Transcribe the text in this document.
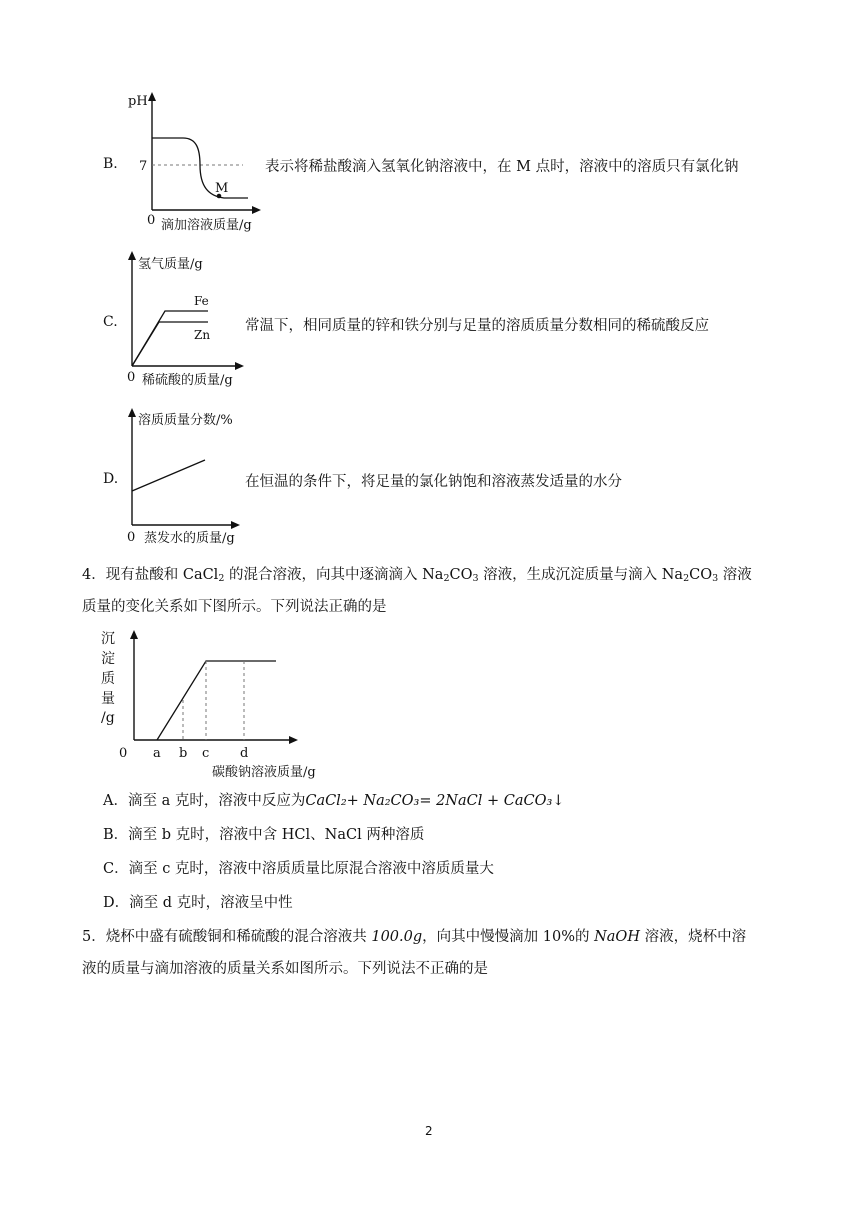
B.
pH
7
M
0 滴加溶液质量/g
表示将稀盐酸滴入氢氧化钠溶液中，在 M 点时，溶液中的溶质只有氯化钠
C.
氢气质量/g
Fe
Zn
0 稀硫酸的质量/g
常温下，相同质量的锌和铁分别与足量的溶质质量分数相同的稀硫酸反应
D.
溶质质量分数/%
0 蒸发水的质量/g
在恒温的条件下，将足量的氯化钠饱和溶液蒸发适量的水分
4．现有盐酸和 CaCl$_2$ 的混合溶液，向其中逐滴滴入 $Na_2CO_3$ 溶液，生成沉淀质量与滴入 $Na_2CO_3$ 溶液
质量的变化关系如下图所示。下列说法正确的是
沉
淀
质
量
/g
0 a b c d
碳酸钠溶液质量/g
A．滴至 a 克时，溶液中反应为CaCl₂+ Na₂CO₃= 2NaCl + CaCO₃↓
B．滴至 b 克时，溶液中含 HCl、NaCl 两种溶质
C．滴至 c 克时，溶液中溶质质量比原混合溶液中溶质质量大
D．滴至 d 克时，溶液呈中性
5．烧杯中盛有硫酸铜和稀硫酸的混合溶液共 100.0g，向其中慢慢滴加 10%的 NaOH 溶液，烧杯中溶
液的质量与滴加溶液的质量关系如图所示。下列说法不正确的是
2
